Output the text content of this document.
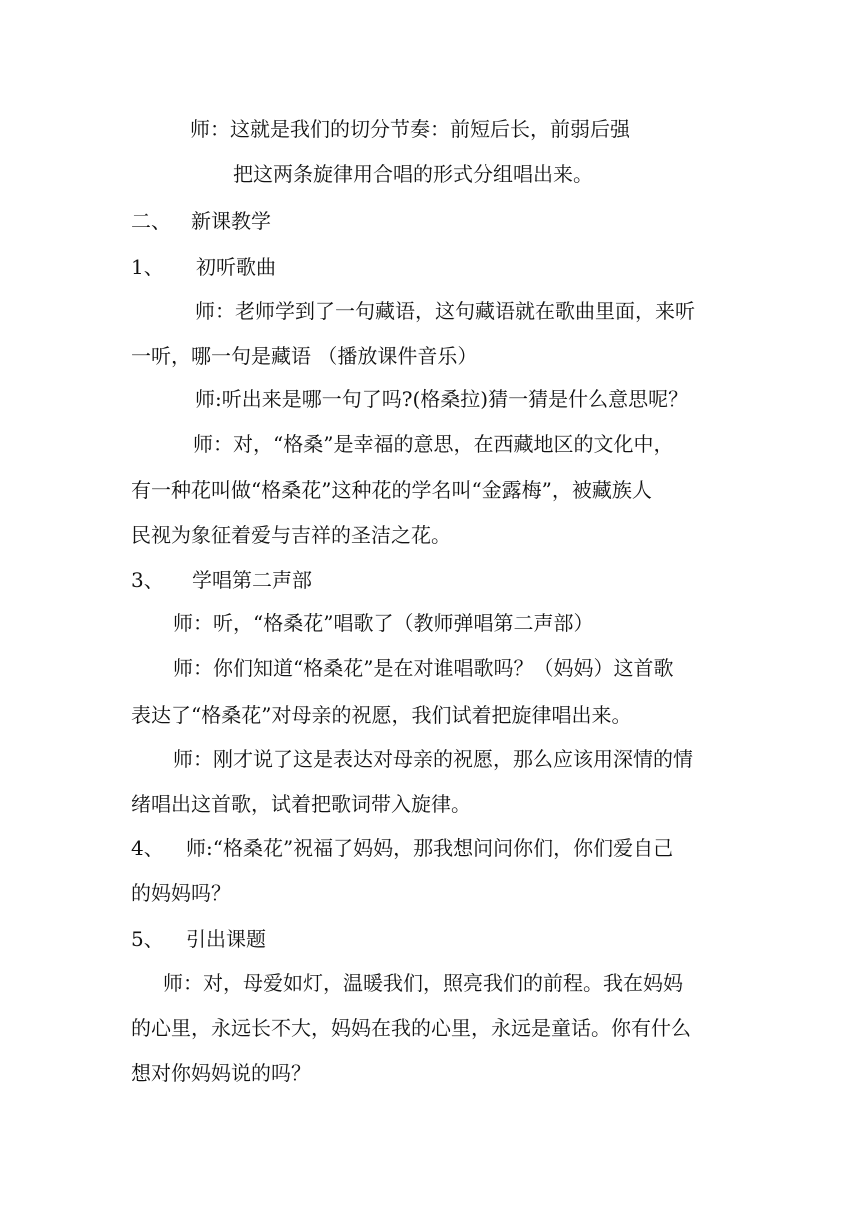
师：这就是我们的切分节奏：前短后长，前弱后强
把这两条旋律用合唱的形式分组唱出来。
二、 新课教学
1、 初听歌曲
师：老师学到了一句藏语，这句藏语就在歌曲里面，来听
一听，哪一句是藏语 （播放课件音乐）
师:听出来是哪一句了吗?(格桑拉)猜一猜是什么意思呢？
师：对，“格桑”是幸福的意思，在西藏地区的文化中，
有一种花叫做“格桑花”这种花的学名叫“金露梅”，被藏族人
民视为象征着爱与吉祥的圣洁之花。
3、 学唱第二声部
师：听，“格桑花”唱歌了（教师弹唱第二声部）
师：你们知道“格桑花”是在对谁唱歌吗？（妈妈）这首歌
表达了“格桑花”对母亲的祝愿，我们试着把旋律唱出来。
师：刚才说了这是表达对母亲的祝愿，那么应该用深情的情
绪唱出这首歌，试着把歌词带入旋律。
4、 师:“格桑花”祝福了妈妈，那我想问问你们，你们爱自己
的妈妈吗？
5、 引出课题
师：对，母爱如灯，温暖我们，照亮我们的前程。我在妈妈
的心里，永远长不大，妈妈在我的心里，永远是童话。你有什么
想对你妈妈说的吗？
